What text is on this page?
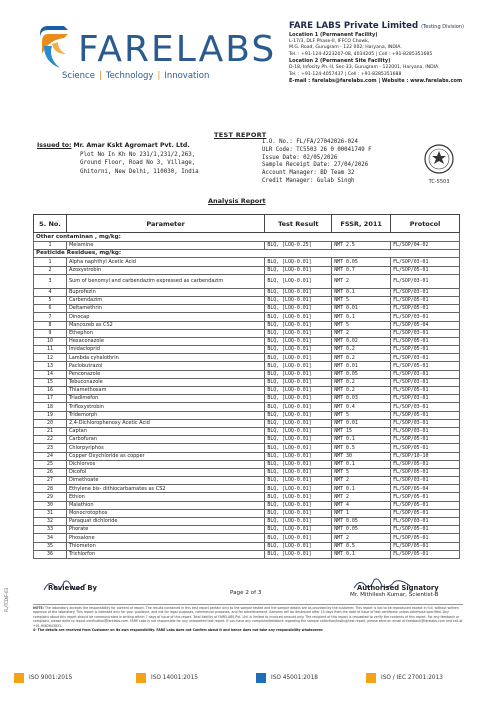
FARELABS
Science | Technology | Innovation
FARE LABS Private Limited (Testing Division)
Location 1 (Permanent Facility)
L-17/3, DLF Phase-II, IFFCO Chowk,
M.G. Road, Gurugram - 122 002, Haryana, INDIA.
Tel. : +91-124-4223207-08, 4034205 | Cell : +91-8285351685
Location 2 (Permanent Site Facility)
D-18, Infocity Ph.-II, Sec-33, Gurugram - 122001, Haryana, INDIA.
Tel. : +91-124-4057437 | Cell : +91-8285351688
E-mail : farelabs@farelabs.com | Website : www.farelabs.com
TEST REPORT
Issued to: Mr. Amar Kskt Agromart Pvt. Ltd.
Plot No In Kh No 231/1,231/2,263,
Ground Floor, Road No 3, Village,
Ghitorni, New Delhi, 110030, India
I.O. No.: FL/FA/27042026-024
ULR Code: TC5503 26 0 00041749 F
Issue Date: 02/05/2026
Sample Receipt Date: 27/04/2026
Account Manager: BD Team 32
Credit Manager: Gulab Singh	TC-5503
Analysis Report
S. No.	Parameter	Test Result	FSSR, 2011	Protocol
Other contaminan , mg/kg:				
1	Melamine	BLQ, [LOQ-0.25]	NMT 2.5	FL/SOP/04-02
Pesticide Residues, mg/kg:				
1	Alpha naphthyl Acetic Acid	BLQ, [LOQ-0.01]	NMT 0.05	FL/SOP/03-01
2	Azoxystrobin	BLQ, [LOQ-0.01]	NMT 0.7	FL/SOP/05-01
3	Sum of benomyl and carbendazim expressed as carbendazim	BLQ, [LOQ-0.01]	NMT 2	FL/SOP/03-01
4	Buprofezin	BLQ, [LOQ-0.01]	NMT 0.1	FL/SOP/03-01
5	Carbendazim	BLQ, [LOQ-0.01]	NMT 5	FL/SOP/05-01
6	Deltamethrin	BLQ, [LOQ-0.01]	NMT 0.01	FL/SOP/05-01
7	Dinocap	BLQ, [LOQ-0.01]	NMT 0.1	FL/SOP/03-01
8	Mancozeb as CS2	BLQ, [LOQ-0.01]	NMT 5	FL/SOP/05-04
9	Ethephon	BLQ, [LOQ-0.01]	NMT 2	FL/SOP/03-01
10	Hexaconazole	BLQ, [LOQ-0.01]	NMT 0.02	FL/SOP/05-01
11	Imidacloprid	BLQ, [LOQ-0.01]	NMT 0.2	FL/SOP/05-01
12	Lambda cyhalothrin	BLQ, [LOQ-0.01]	NMT 0.2	FL/SOP/03-01
13	Paclobutrazol	BLQ, [LOQ-0.01]	NMT 0.01	FL/SOP/05-01
14	Penconazole	BLQ, [LOQ-0.01]	NMT 0.05	FL/SOP/03-01
15	Tebuconazole	BLQ, [LOQ-0.01]	NMT 0.2	FL/SOP/03-01
16	Thiamethoxam	BLQ, [LOQ-0.01]	NMT 0.2	FL/SOP/05-01
17	Triadimefon	BLQ, [LOQ-0.01]	NMT 0.03	FL/SOP/03-01
18	Trifloxystrobin	BLQ, [LOQ-0.01]	NMT 0.4	FL/SOP/03-01
19	Tridemorph	BLQ, [LOQ-0.01]	NMT 5	FL/SOP/05-01
20	2,4-Dichlorophenoxy Acetic Acid	BLQ, [LOQ-0.01]	NMT 0.01	FL/SOP/03-01
21	Captan	BLQ, [LOQ-0.01]	NMT 15	FL/SOP/03-01
22	Carbofuran	BLQ, [LOQ-0.01]	NMT 0.1	FL/SOP/05-01
23	Chlorpyriphos	BLQ, [LOQ-0.01]	NMT 0.5	FL/SOP/05-01
24	Copper Oxychloride as copper	BLQ, [LOQ-0.01]	NMT 30	FL/SOP/10-10
25	Dichlorvos	BLQ, [LOQ-0.01]	NMT 0.1	FL/SOP/05-01
26	Dicofol	BLQ, [LOQ-0.01]	NMT 5	FL/SOP/05-01
27	Dimethoate	BLQ, [LOQ-0.01]	NMT 2	FL/SOP/03-01
28	Ethylene bis- dithiocarbamates as CS2	BLQ, [LOQ-0.01]	NMT 0.1	FL/SOP/05-04
29	Ethion	BLQ, [LOQ-0.01]	NMT 2	FL/SOP/05-01
30	Malathion	BLQ, [LOQ-0.01]	NMT 4	FL/SOP/05-01
31	Monocrotophos	BLQ, [LOQ-0.01]	NMT 1	FL/SOP/05-01
32	Paraquat dichloride	BLQ, [LOQ-0.01]	NMT 0.05	FL/SOP/03-01
33	Phorate	BLQ, [LOQ-0.01]	NMT 0.05	FL/SOP/05-01
34	Phosalone	BLQ, [LOQ-0.01]	NMT 2	FL/SOP/05-01
35	Thiometon	BLQ, [LOQ-0.01]	NMT 0.5	FL/SOP/05-01
36	Trichlorfon	BLQ, [LOQ-0.01]	NMT 0.1	FL/SOP/05-01
Reviewed By
Page 2 of 3
Authorised Signatory
Mr. Mithilesh Kumar, Scientist-B
NOTE: The laboratory accepts the responsibility for content of report. The results contained in this test report pertain only to the sample tested and the sample details are as provided by the customer. This report is not to be reproduced except in full, without written approval of the laboratory. This report is intended only for your guidance, and not for legal purposes, commercial purposes, and for advertisement. Samples will be destroyed after 15 days from the date of issue of test certificate unless otherwise specified. Any complaint about this report should be communicated in writing within 7 days of issue of this report. Total liability of FARELABS Pvt. Ltd. is limited to invoiced amount only. The recipient of this report is requested to verify the contents of this report. For any feedback or complaint, please write to report.verification@farelabs.com. FARE Labs is not responsible for any unreported test report. If you have any complaint/feedback regarding the sample collection/testing/test report, please send an email at feedback@farelabs.com and call at +91-9582643831.
4- The details are received from Customer on its own responsibility. FARE Labs does not Confirm about it and hence does not take any responsibility whatsoever.
FL/TCD/F-03
ISO 9001:2015	ISO 14001:2015	ISO 45001:2018	ISO / IEC 27001:2013
